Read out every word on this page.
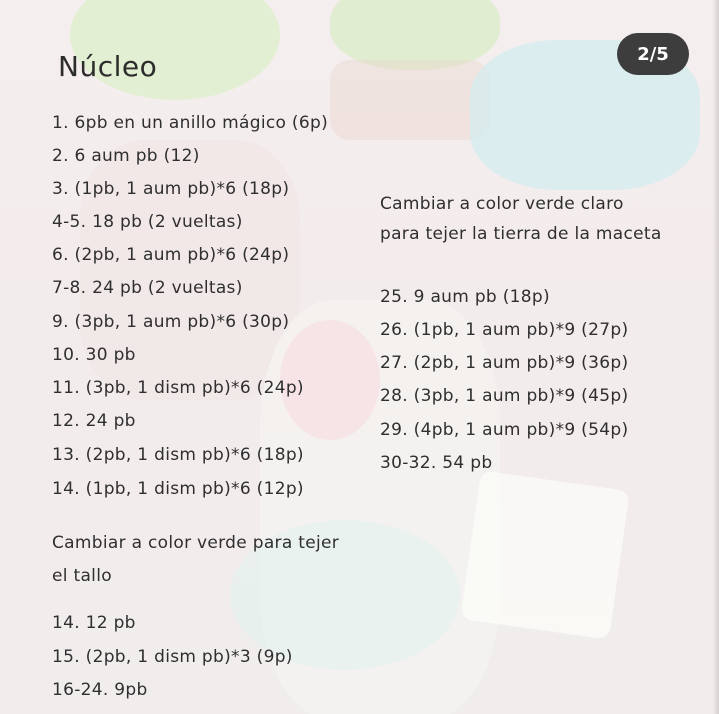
Núcleo	2/5
1. 6pb en un anillo mágico (6p)
2. 6 aum pb (12)
3. (1pb, 1 aum pb)*6 (18p)
4-5. 18 pb (2 vueltas)
6. (2pb, 1 aum pb)*6 (24p)
7-8. 24 pb (2 vueltas)
9. (3pb, 1 aum pb)*6 (30p)
10. 30 pb
11. (3pb, 1 dism pb)*6 (24p)
12. 24 pb
13. (2pb, 1 dism pb)*6 (18p)
14. (1pb, 1 dism pb)*6 (12p)
Cambiar a color verde para tejer
el tallo
14. 12 pb
15. (2pb, 1 dism pb)*3 (9p)
16-24. 9pb
Cambiar a color verde claro
para tejer la tierra de la maceta
25. 9 aum pb (18p)
26. (1pb, 1 aum pb)*9 (27p)
27. (2pb, 1 aum pb)*9 (36p)
28. (3pb, 1 aum pb)*9 (45p)
29. (4pb, 1 aum pb)*9 (54p)
30-32. 54 pb
